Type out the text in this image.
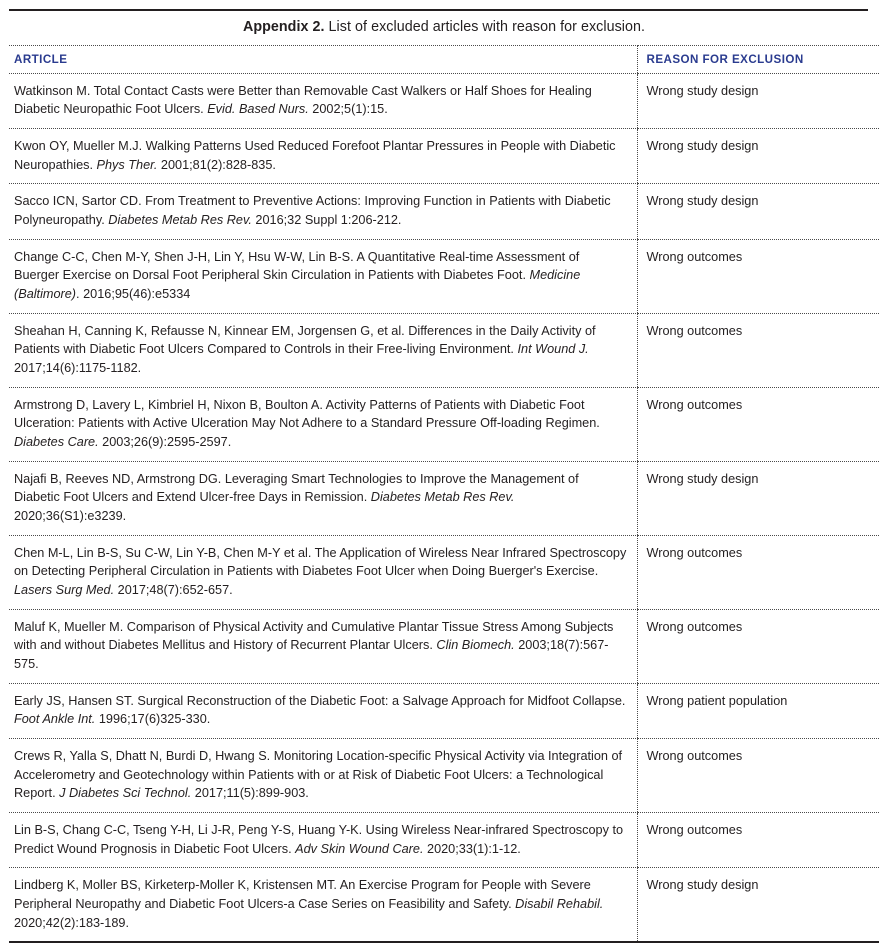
Appendix 2. List of excluded articles with reason for exclusion.
ARTICLE	REASON FOR EXCLUSION
Watkinson M. Total Contact Casts were Better than Removable Cast Walkers or Half Shoes for Healing Diabetic Neuropathic Foot Ulcers. Evid. Based Nurs. 2002;5(1):15.	Wrong study design

Kwon OY, Mueller M.J. Walking Patterns Used Reduced Forefoot Plantar Pressures in People with Diabetic Neuropathies. Phys Ther. 2001;81(2):828-835.	Wrong study design

Sacco ICN, Sartor CD. From Treatment to Preventive Actions: Improving Function in Patients with Diabetic Polyneuropathy. Diabetes Metab Res Rev. 2016;32 Suppl 1:206-212.	Wrong study design

Change C-C, Chen M-Y, Shen J-H, Lin Y, Hsu W-W, Lin B-S. A Quantitative Real-time Assessment of Buerger Exercise on Dorsal Foot Peripheral Skin Circulation in Patients with Diabetes Foot. Medicine (Baltimore). 2016;95(46):e5334	Wrong outcomes

Sheahan H, Canning K, Refausse N, Kinnear EM, Jorgensen G, et al. Differences in the Daily Activity of Patients with Diabetic Foot Ulcers Compared to Controls in their Free-living Environment. Int Wound J. 2017;14(6):1175-1182.	Wrong outcomes

Armstrong D, Lavery L, Kimbriel H, Nixon B, Boulton A. Activity Patterns of Patients with Diabetic Foot Ulceration: Patients with Active Ulceration May Not Adhere to a Standard Pressure Off-loading Regimen. Diabetes Care. 2003;26(9):2595-2597.	Wrong outcomes

Najafi B, Reeves ND, Armstrong DG. Leveraging Smart Technologies to Improve the Management of Diabetic Foot Ulcers and Extend Ulcer-free Days in Remission. Diabetes Metab Res Rev. 2020;36(S1):e3239.	Wrong study design

Chen M-L, Lin B-S, Su C-W, Lin Y-B, Chen M-Y et al. The Application of Wireless Near Infrared Spectroscopy on Detecting Peripheral Circulation in Patients with Diabetes Foot Ulcer when Doing Buerger's Exercise. Lasers Surg Med. 2017;48(7):652-657.	Wrong outcomes

Maluf K, Mueller M. Comparison of Physical Activity and Cumulative Plantar Tissue Stress Among Subjects with and without Diabetes Mellitus and History of Recurrent Plantar Ulcers. Clin Biomech. 2003;18(7):567-575.	Wrong outcomes

Early JS, Hansen ST. Surgical Reconstruction of the Diabetic Foot: a Salvage Approach for Midfoot Collapse. Foot Ankle Int. 1996;17(6)325-330.	Wrong patient population

Crews R, Yalla S, Dhatt N, Burdi D, Hwang S. Monitoring Location-specific Physical Activity via Integration of Accelerometry and Geotechnology within Patients with or at Risk of Diabetic Foot Ulcers: a Technological Report. J Diabetes Sci Technol. 2017;11(5):899-903.	Wrong outcomes

Lin B-S, Chang C-C, Tseng Y-H, Li J-R, Peng Y-S, Huang Y-K. Using Wireless Near-infrared Spectroscopy to Predict Wound Prognosis in Diabetic Foot Ulcers. Adv Skin Wound Care. 2020;33(1):1-12.	Wrong outcomes

Lindberg K, Moller BS, Kirketerp-Moller K, Kristensen MT. An Exercise Program for People with Severe Peripheral Neuropathy and Diabetic Foot Ulcers-a Case Series on Feasibility and Safety. Disabil Rehabil. 2020;42(2):183-189.	Wrong study design
